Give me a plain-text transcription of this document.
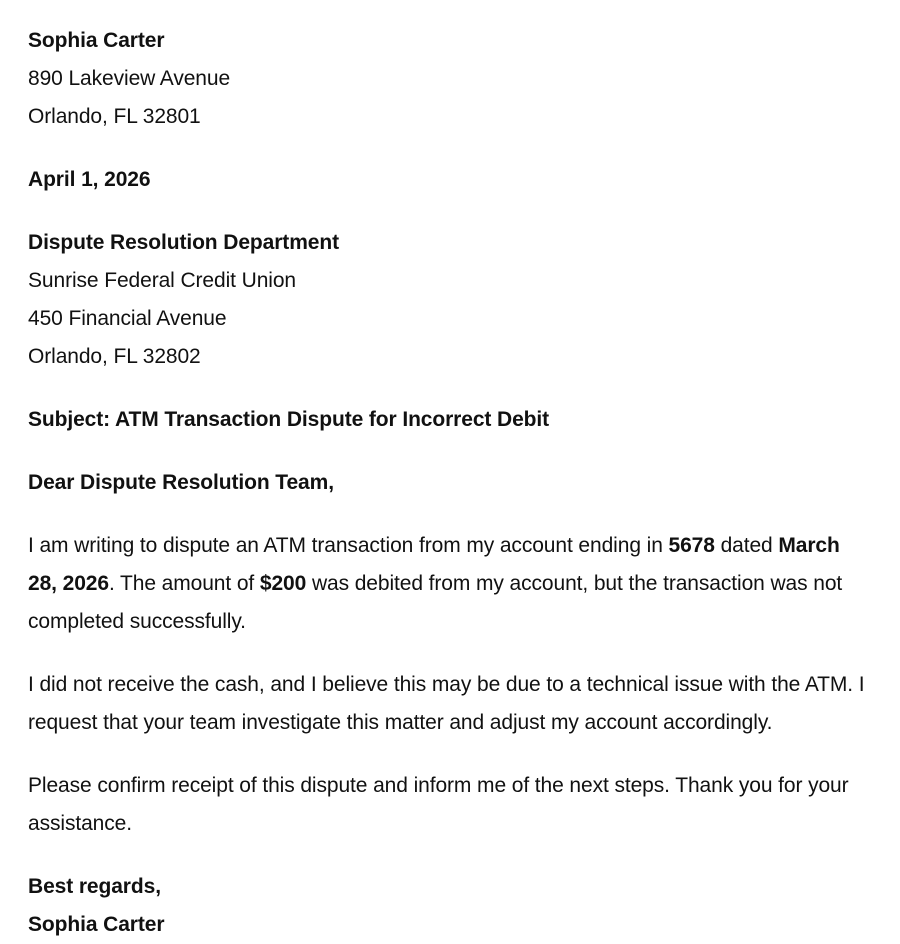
Sophia Carter
890 Lakeview Avenue
Orlando, FL 32801
April 1, 2026
Dispute Resolution Department
Sunrise Federal Credit Union
450 Financial Avenue
Orlando, FL 32802
Subject: ATM Transaction Dispute for Incorrect Debit
Dear Dispute Resolution Team,
I am writing to dispute an ATM transaction from my account ending in 5678 dated March 28, 2026. The amount of $200 was debited from my account, but the transaction was not completed successfully.
I did not receive the cash, and I believe this may be due to a technical issue with the ATM. I request that your team investigate this matter and adjust my account accordingly.
Please confirm receipt of this dispute and inform me of the next steps. Thank you for your assistance.
Best regards,
Sophia Carter
